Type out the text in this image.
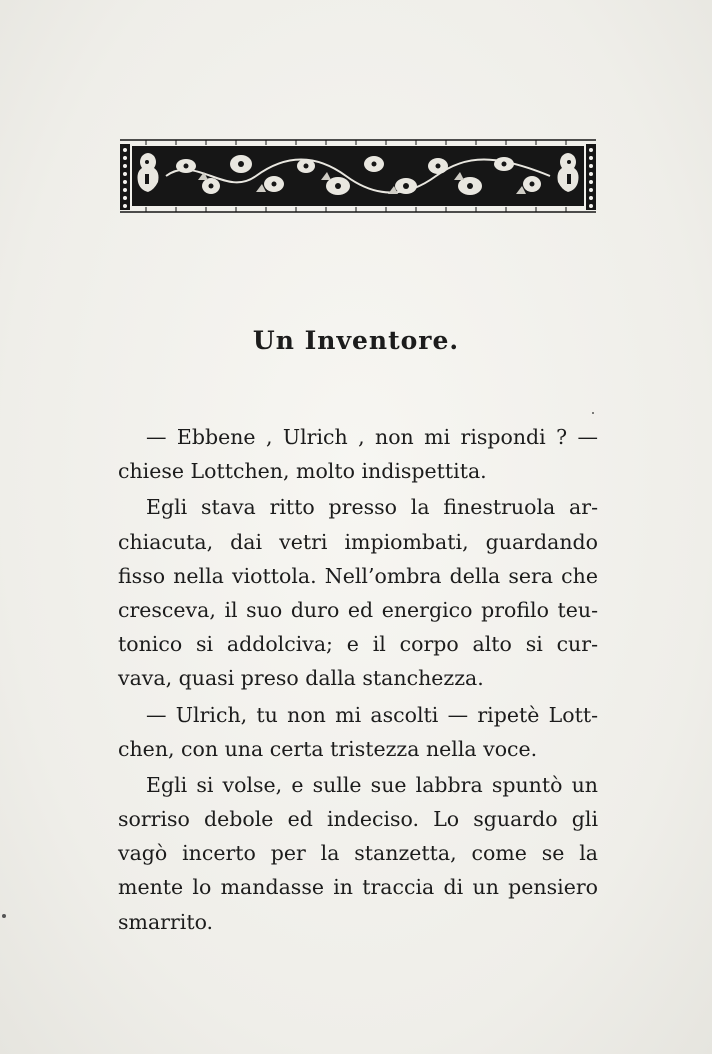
Un Inventore.
— Ebbene , Ulrich , non mi rispondi ? —
chiese Lottchen, molto indispettita.
Egli stava ritto presso la finestruola ar-
chiacuta, dai vetri impiombati, guardando
fisso nella viottola. Nell’ombra della sera che
cresceva, il suo duro ed energico profilo teu-
tonico si addolciva; e il corpo alto si cur-
vava, quasi preso dalla stanchezza.
— Ulrich, tu non mi ascolti — ripetè Lott-
chen, con una certa tristezza nella voce.
Egli si volse, e sulle sue labbra spuntò un
sorriso debole ed indeciso. Lo sguardo gli
vagò incerto per la stanzetta, come se la
mente lo mandasse in traccia di un pensiero
smarrito.
